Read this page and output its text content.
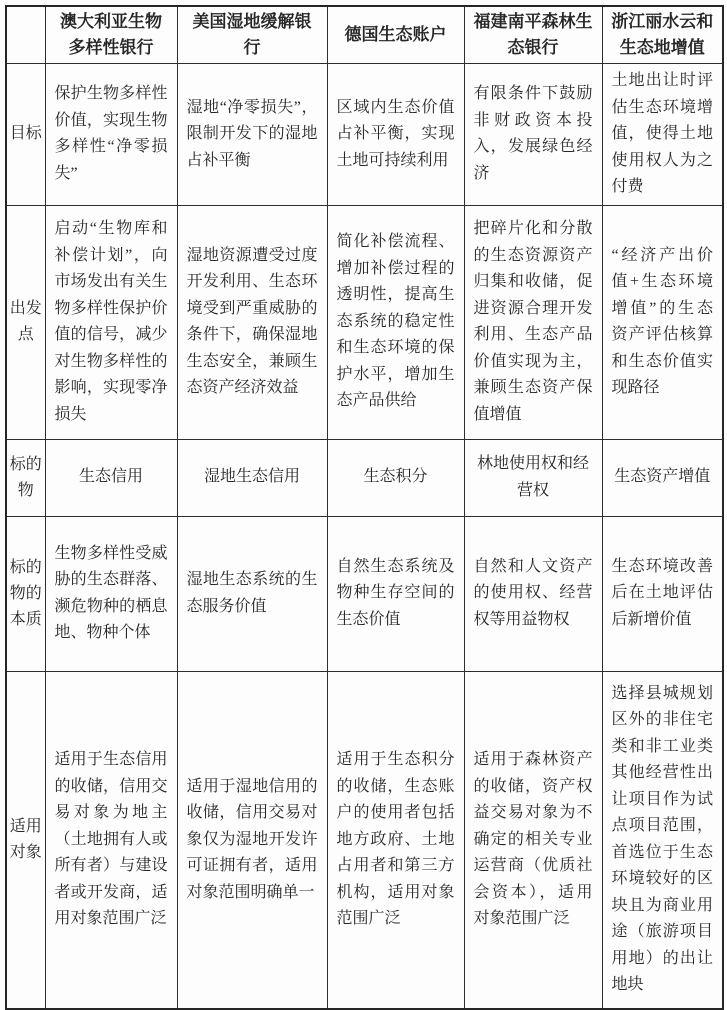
	澳大利亚生物多样性银行	美国湿地缓解银行	德国生态账户	福建南平森林生态银行	浙江丽水云和生态地增值
目标	保护生物多样性价值，实现生物多样性“净零损失”	湿地“净零损失”，限制开发下的湿地占补平衡	区域内生态价值占补平衡，实现土地可持续利用	有限条件下鼓励非财政资本投入，发展绿色经济	土地出让时评估生态环境增值，使得土地使用权人为之付费
出发点	启动“生物库和补偿计划”，向市场发出有关生物多样性保护价值的信号，减少对生物多样性的影响，实现零净损失	湿地资源遭受过度开发利用、生态环境受到严重威胁的条件下，确保湿地生态安全，兼顾生态资产经济效益	简化补偿流程、增加补偿过程的透明性，提高生态系统的稳定性和生态环境的保护水平，增加生态产品供给	把碎片化和分散的生态资源资产归集和收储，促进资源合理开发利用、生态产品价值实现为主，兼顾生态资产保值增值	“经济产出价值+生态环境增值”的生态资产评估核算和生态价值实现路径
标的物	生态信用	湿地生态信用	生态积分	林地使用权和经营权	生态资产增值
标的物的本质	生物多样性受威胁的生态群落、濒危物种的栖息地、物种个体	湿地生态系统的生态服务价值	自然生态系统及物种生存空间的生态价值	自然和人文资产的使用权、经营权等用益物权	生态环境改善后在土地评估后新增价值
适用对象	适用于生态信用的收储，信用交易对象为地主（土地拥有人或所有者）与建设者或开发商，适用对象范围广泛	适用于湿地信用的收储，信用交易对象仅为湿地开发许可证拥有者，适用对象范围明确单一	适用于生态积分的收储，生态账户的使用者包括地方政府、土地占用者和第三方机构，适用对象范围广泛	适用于森林资产的收储，资产权益交易对象为不确定的相关专业运营商（优质社会资本），适用对象范围广泛	选择县城规划区外的非住宅类和非工业类其他经营性出让项目作为试点项目范围，首选位于生态环境较好的区块且为商业用途（旅游项目用地）的出让地块
